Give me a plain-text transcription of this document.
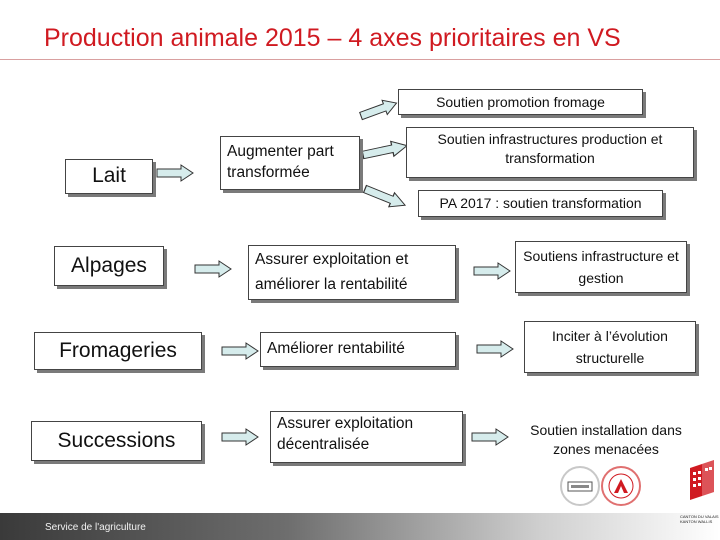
Production animale 2015 – 4 axes prioritaires en VS
Lait
Alpages
Fromageries
Successions
Augmenter part transformée
Assurer exploitation et améliorer la rentabilité
Améliorer rentabilité
Assurer exploitation décentralisée
Soutien promotion fromage
Soutien infrastructures production et transformation
PA 2017 : soutien transformation
Soutiens infrastructure et gestion
Inciter à l’évolution structurelle
Soutien installation dans zones menacées
Service de l'agriculture
CANTON DU VALAIS KANTON WALLIS
